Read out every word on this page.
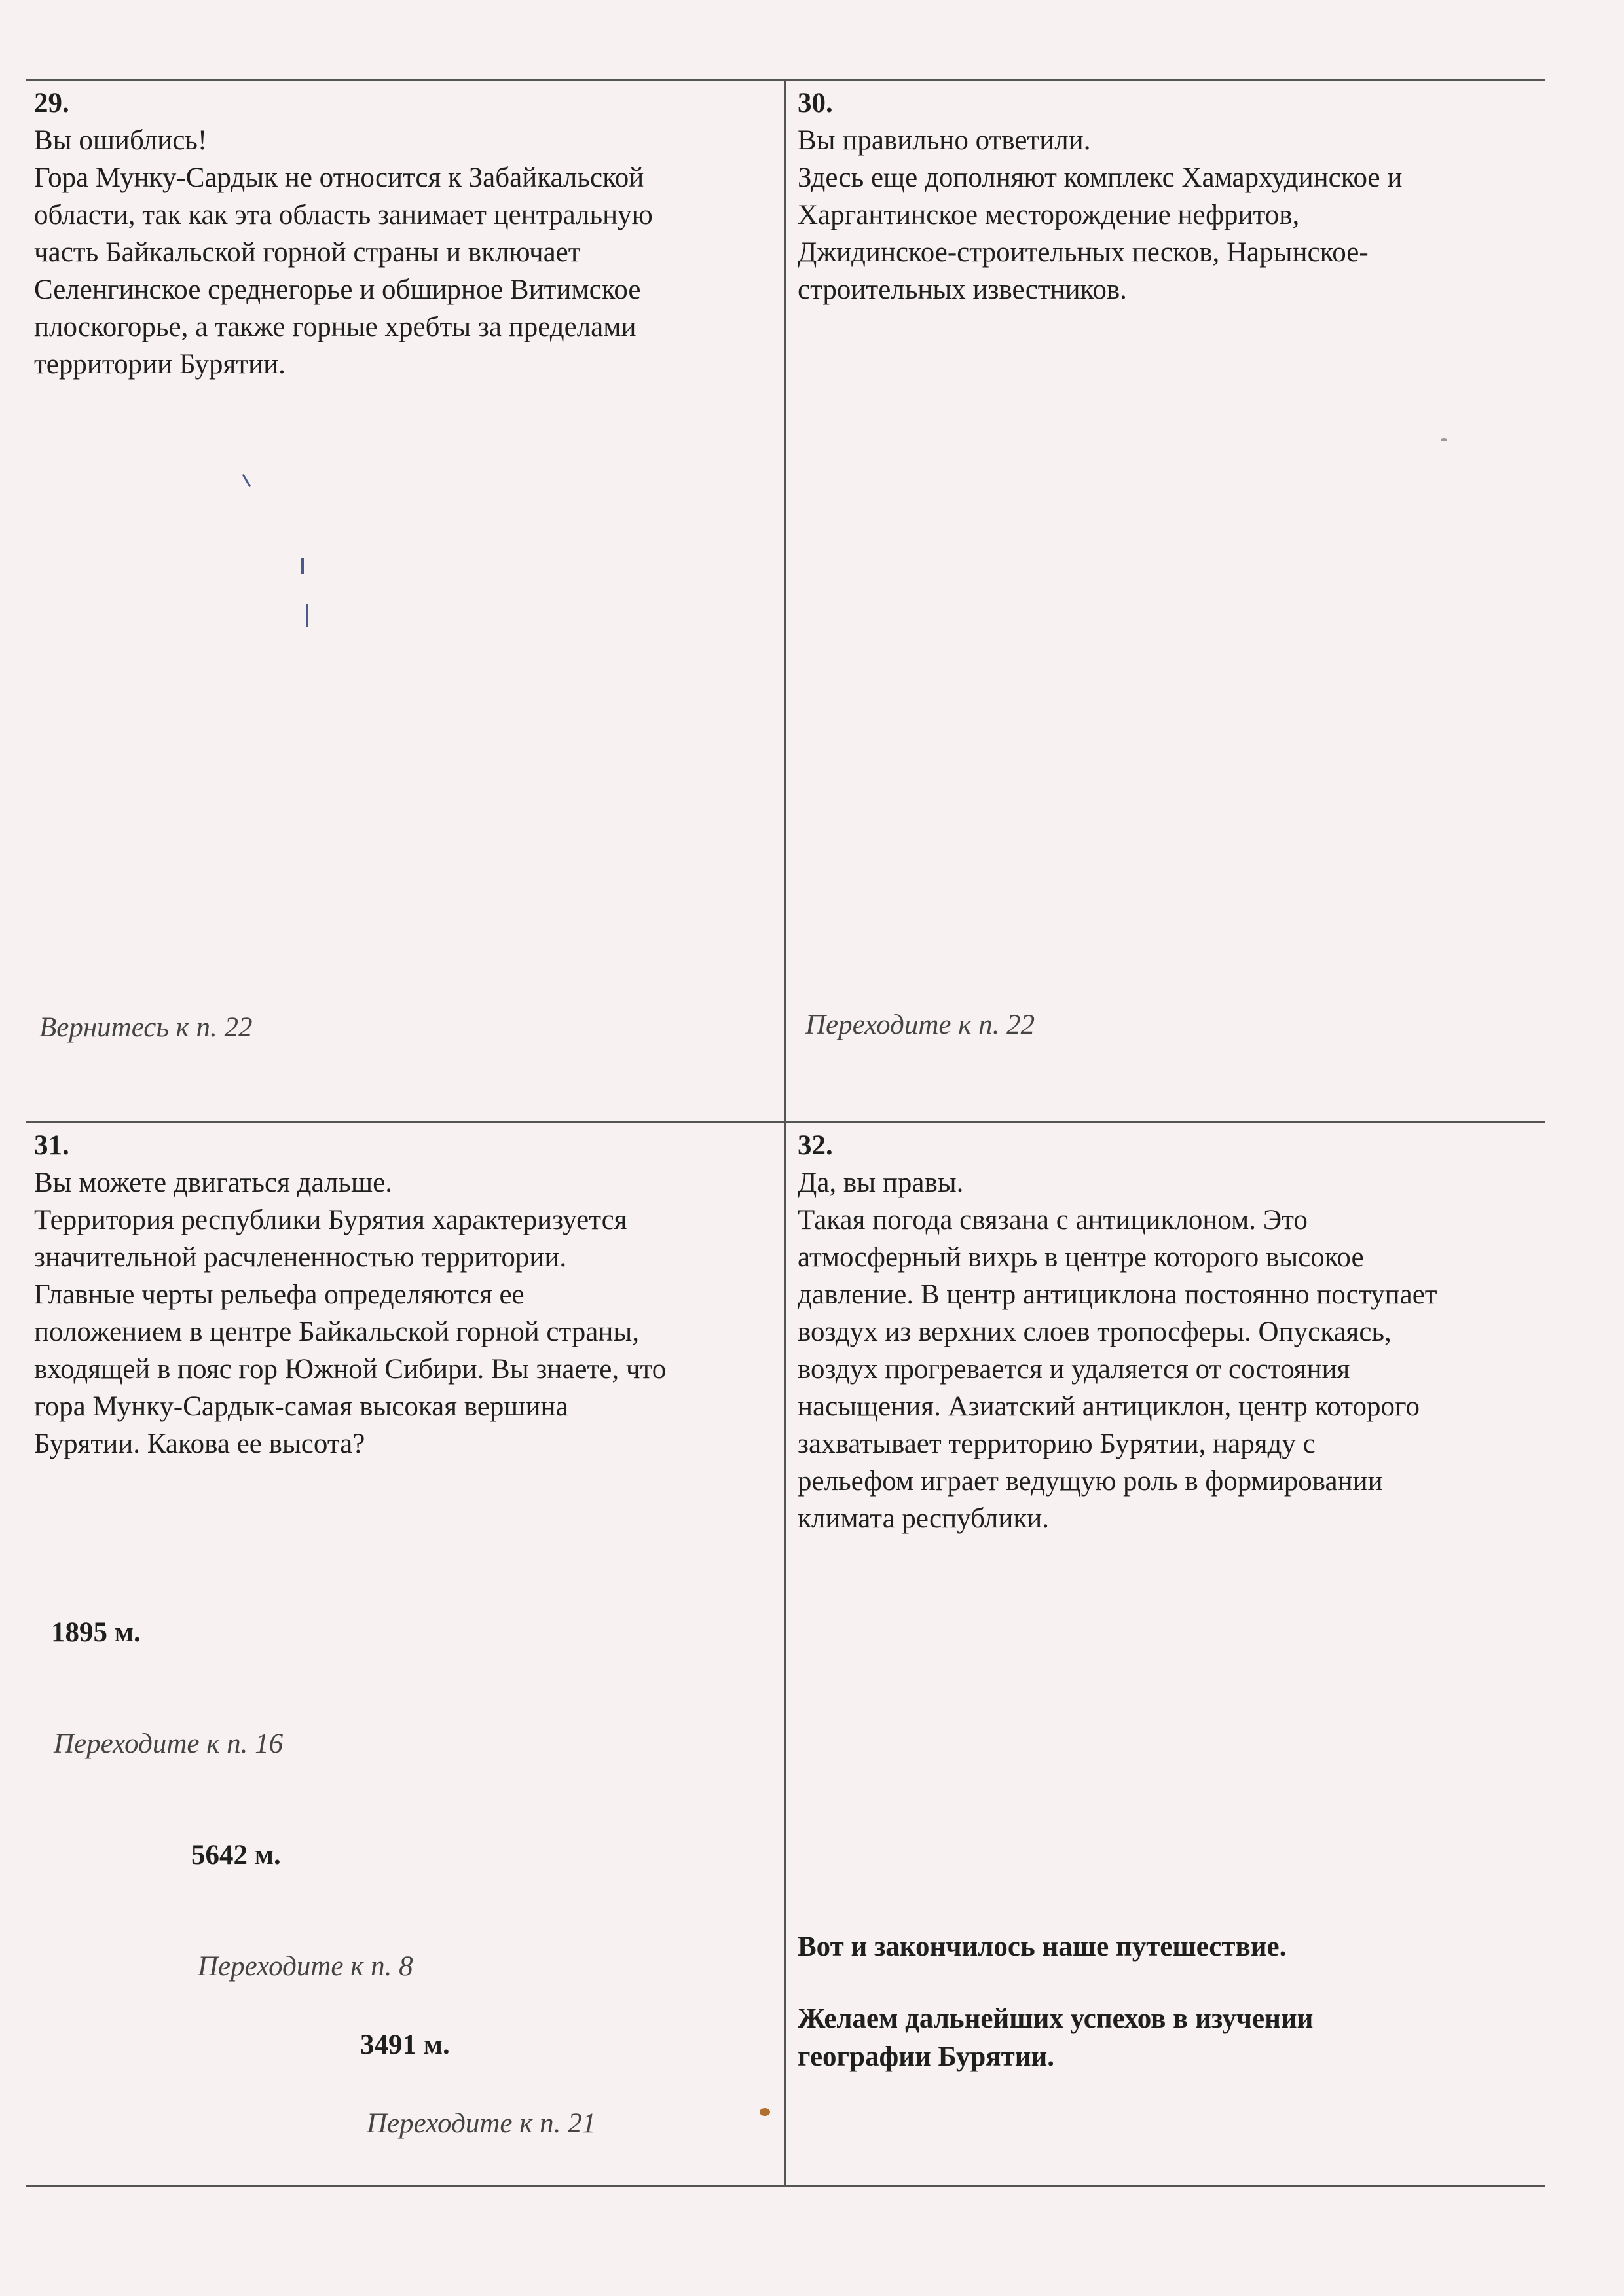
29.
Вы ошиблись!
Гора Мунку-Сардык не относится к Забайкальской
области, так как эта область занимает центральную
часть Байкальской горной страны и включает
Селенгинское среднегорье и обширное Витимское
плоскогорье, а также горные хребты за пределами
территории Бурятии.
Вернитесь к п. 22
30.
Вы правильно ответили.
Здесь еще дополняют комплекс Хамархудинское и
Харгантинское месторождение нефритов,
Джидинское-строительных песков, Нарынское-
строительных известников.
Переходите к п. 22
31.
Вы можете двигаться дальше.
Территория республики Бурятия характеризуется
значительной расчлененностью территории.
Главные черты рельефа определяются ее
положением в центре Байкальской горной страны,
входящей в пояс гор Южной Сибири. Вы знаете, что
гора Мунку-Сардык-самая высокая вершина
Бурятии. Какова ее высота?
1895 м.
Переходите к п. 16
5642 м.
Переходите к п. 8
3491 м.
Переходите к п. 21
32.
Да, вы правы.
Такая погода связана с антициклоном. Это
атмосферный вихрь в центре которого высокое
давление. В центр антициклона постоянно поступает
воздух из верхних слоев тропосферы. Опускаясь,
воздух прогревается и удаляется от состояния
насыщения. Азиатский антициклон, центр которого
захватывает территорию Бурятии, наряду с
рельефом играет ведущую роль в формировании
климата республики.
Вот и закончилось наше путешествие.
Желаем дальнейших успехов в изучении
географии Бурятии.
